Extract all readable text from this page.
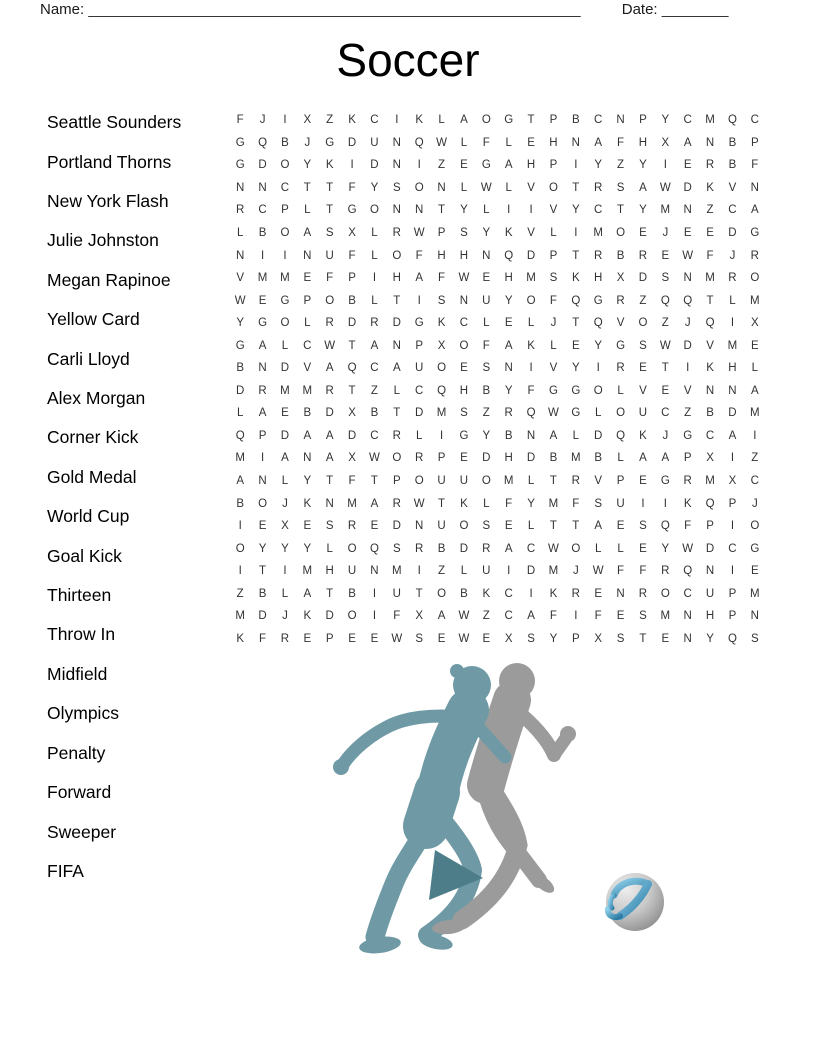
Name: ___________________________________________________________	Date: ________
Soccer
Seattle Sounders
Portland Thorns
New York Flash
Julie Johnston
Megan Rapinoe
Yellow Card
Carli Lloyd
Alex Morgan
Corner Kick
Gold Medal
World Cup
Goal Kick
Thirteen
Throw In
Midfield
Olympics
Penalty
Forward
Sweeper
FIFA
F	J	I	X	Z	K	C	I	K	L	A	O	G	T	P	B	C	N	P	Y	C	M	Q	C
G	Q	B	J	G	D	U	N	Q	W	L	F	L	E	H	N	A	F	H	X	A	N	B	P
G	D	O	Y	K	I	D	N	I	Z	E	G	A	H	P	I	Y	Z	Y	I	E	R	B	F
N	N	C	T	T	F	Y	S	O	N	L	W	L	V	O	T	R	S	A	W	D	K	V	N
R	C	P	L	T	G	O	N	N	T	Y	L	I	I	V	Y	C	T	Y	M	N	Z	C	A
L	B	O	A	S	X	L	R	W	P	S	Y	K	V	L	I	M	O	E	J	E	E	D	G
N	I	I	N	U	F	L	O	F	H	H	N	Q	D	P	T	R	B	R	E	W	F	J	R
V	M	M	E	F	P	I	H	A	F	W	E	H	M	S	K	H	X	D	S	N	M	R	O
W	E	G	P	O	B	L	T	I	S	N	U	Y	O	F	Q	G	R	Z	Q	Q	T	L	M
Y	G	O	L	R	D	R	D	G	K	C	L	E	L	J	T	Q	V	O	Z	J	Q	I	X
G	A	L	C	W	T	A	N	P	X	O	F	A	K	L	E	Y	G	S	W	D	V	M	E
B	N	D	V	A	Q	C	A	U	O	E	S	N	I	V	Y	I	R	E	T	I	K	H	L
D	R	M	M	R	T	Z	L	C	Q	H	B	Y	F	G	G	O	L	V	E	V	N	N	A
L	A	E	B	D	X	B	T	D	M	S	Z	R	Q	W	G	L	O	U	C	Z	B	D	M
Q	P	D	A	A	D	C	R	L	I	G	Y	B	N	A	L	D	Q	K	J	G	C	A	I
M	I	A	N	A	X	W	O	R	P	E	D	H	D	B	M	B	L	A	A	P	X	I	Z
A	N	L	Y	T	F	T	P	O	U	U	O	M	L	T	R	V	P	E	G	R	M	X	C
B	O	J	K	N	M	A	R	W	T	K	L	F	Y	M	F	S	U	I	I	K	Q	P	J
I	E	X	E	S	R	E	D	N	U	O	S	E	L	T	T	A	E	S	Q	F	P	I	O
O	Y	Y	Y	L	O	Q	S	R	B	D	R	A	C	W	O	L	L	E	Y	W	D	C	G
I	T	I	M	H	U	N	M	I	Z	L	U	I	D	M	J	W	F	F	R	Q	N	I	E
Z	B	L	A	T	B	I	U	T	O	B	K	C	I	K	R	E	N	R	O	C	U	P	M
M	D	J	K	D	O	I	F	X	A	W	Z	C	A	F	I	F	E	S	M	N	H	P	N
K	F	R	E	P	E	E	W	S	E	W	E	X	S	Y	P	X	S	T	E	N	Y	Q	S
